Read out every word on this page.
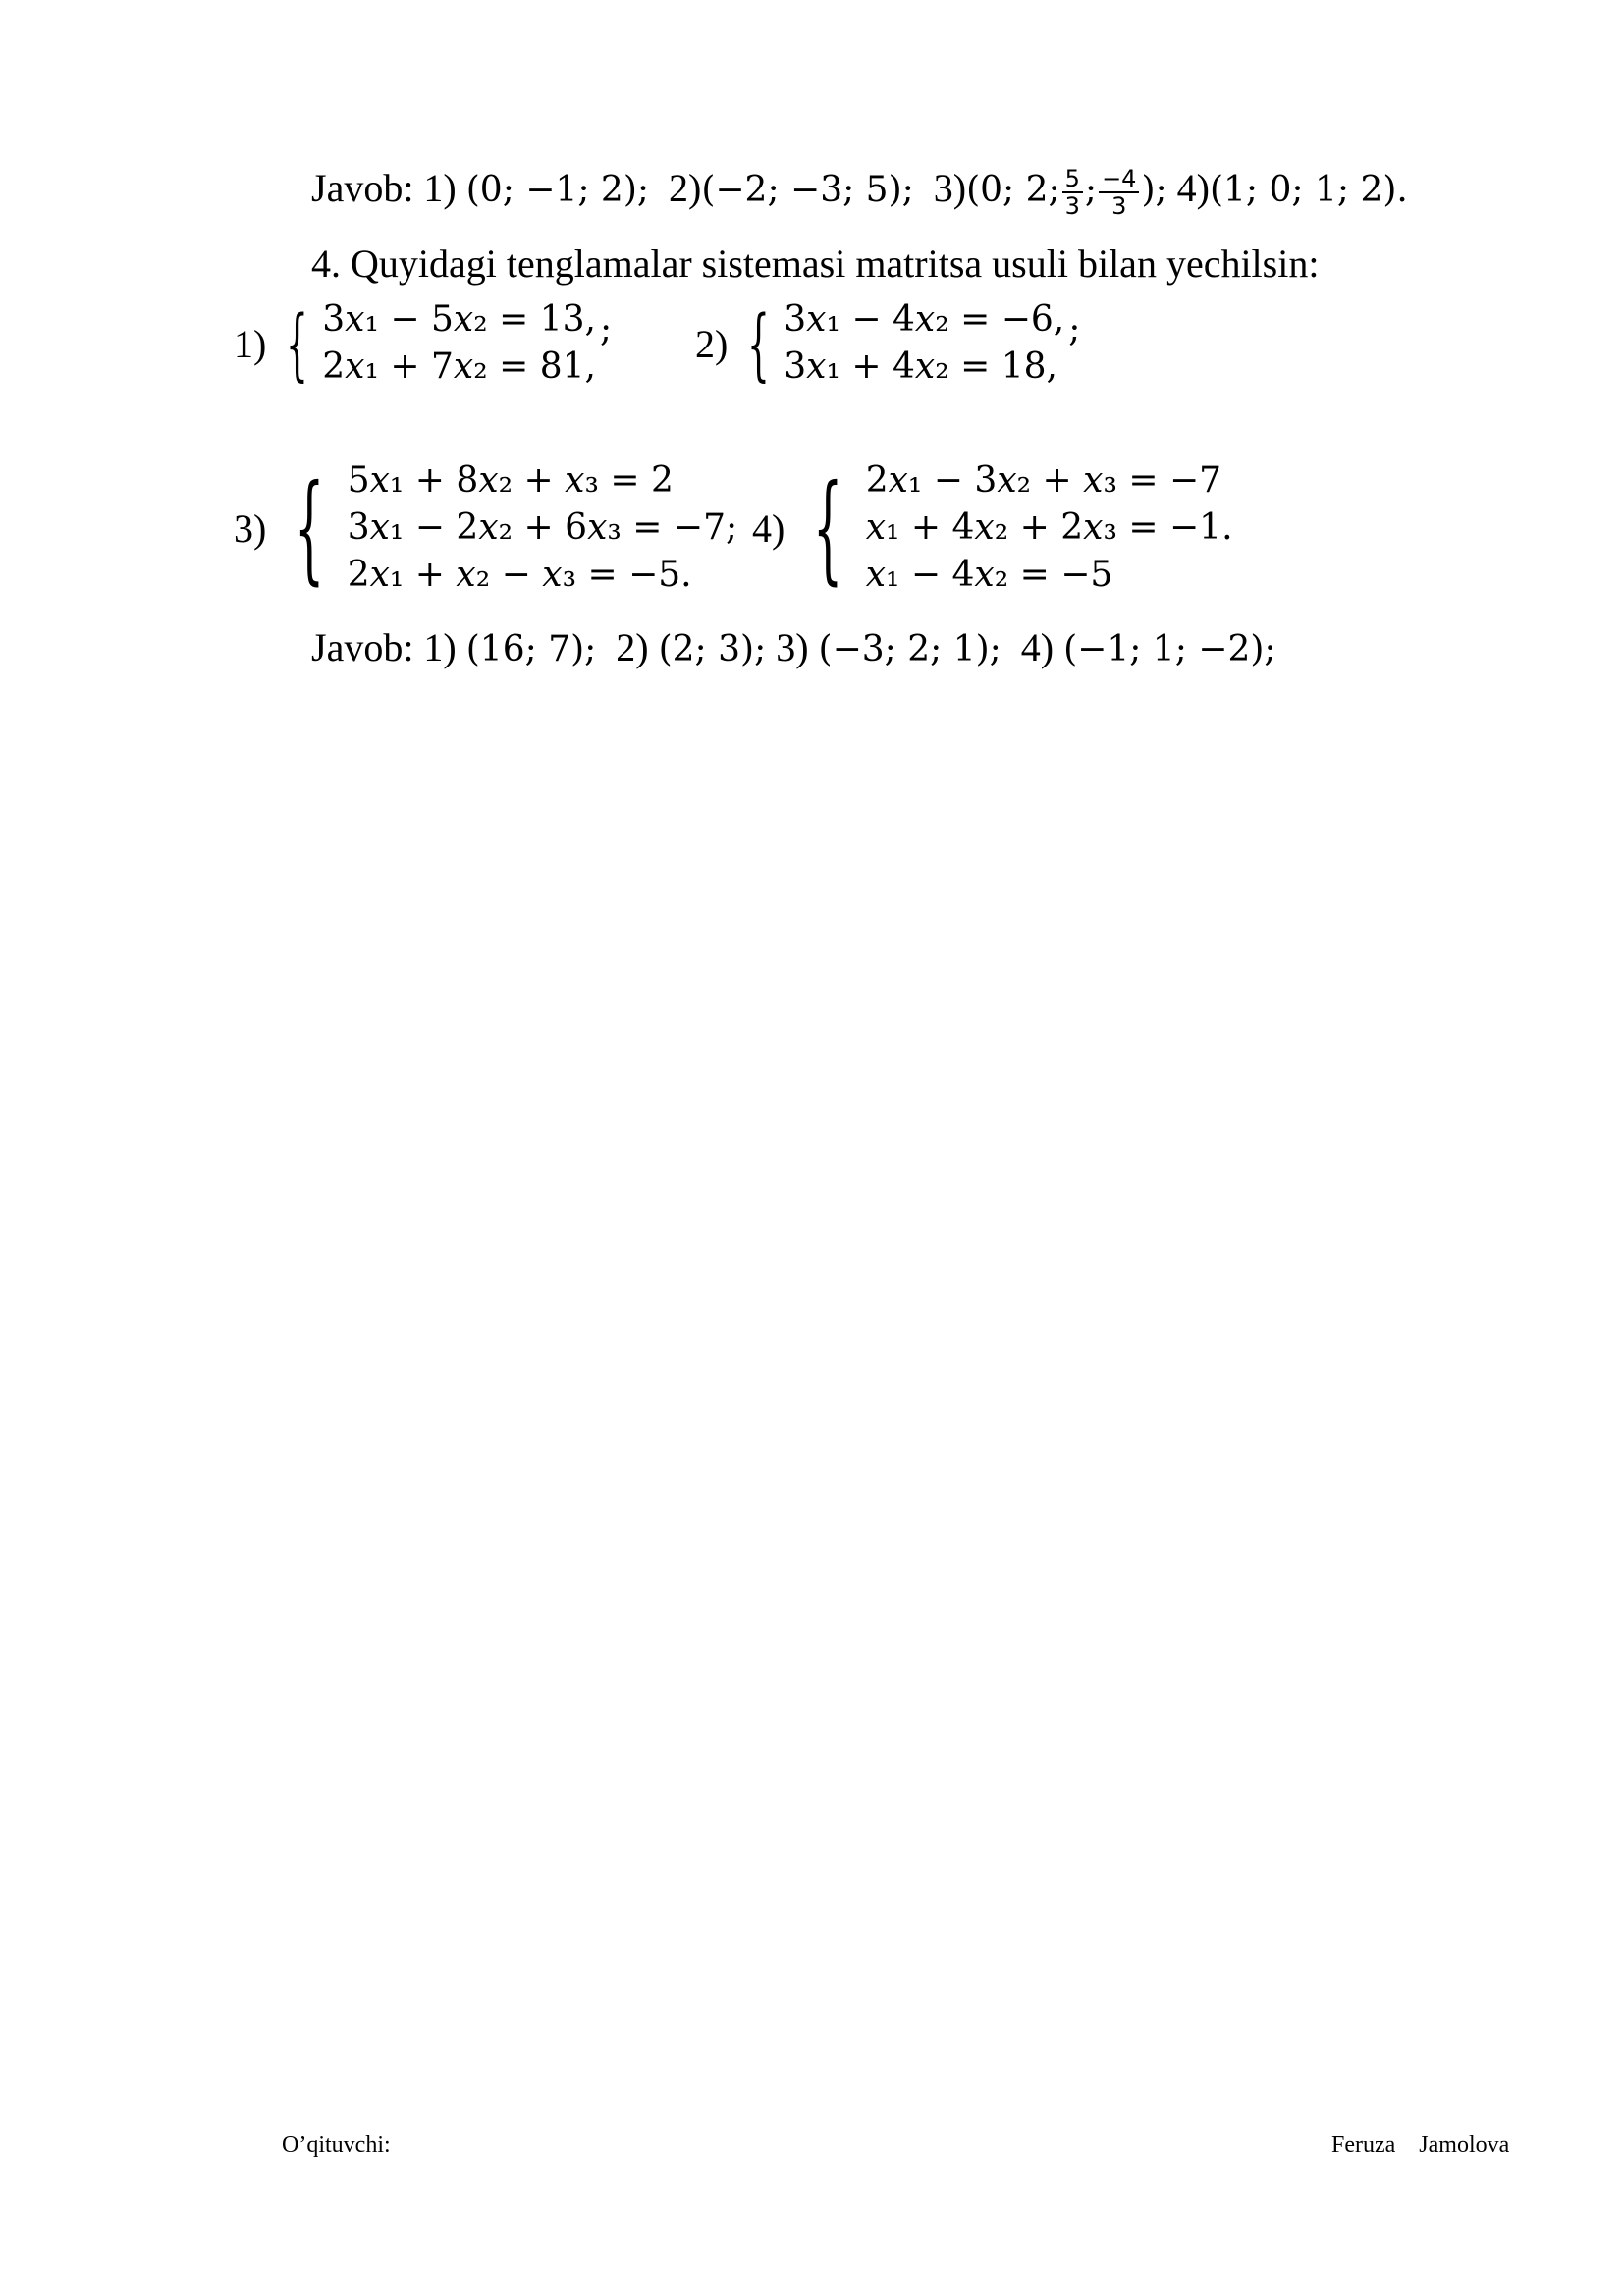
Javob: 1) (0; −1; 2); 2)(−2; −3; 5); 3)(0; 2; $\frac{5}{3}$ ; $\frac{-4}{3}$ ); 4)(1; 0; 1; 2).
4. Quyidagi tenglamalar sistemasi matritsa usuli bilan yechilsin:
1) { 3x₁ − 5x₂ = 13,
2x₁ + 7x₂ = 81,
; 2) { 3x₁ − 4x₂ = −6,
3x₁ + 4x₂ = 18,
;
3) { 5x₁ + 8x₂ + x₃ = 2
3x₁ − 2x₂ + 6x₃ = −7;
2x₁ + x₂ − x₃ = −5.
4) { 2x₁ − 3x₂ + x₃ = −7
x₁ + 4x₂ + 2x₃ = −1.
x₁ − 4x₂ = −5
Javob: 1) (16; 7); 2) (2; 3); 3) (−3; 2; 1); 4) (−1; 1; −2);
O’qituvchi:	Feruza    Jamolova
